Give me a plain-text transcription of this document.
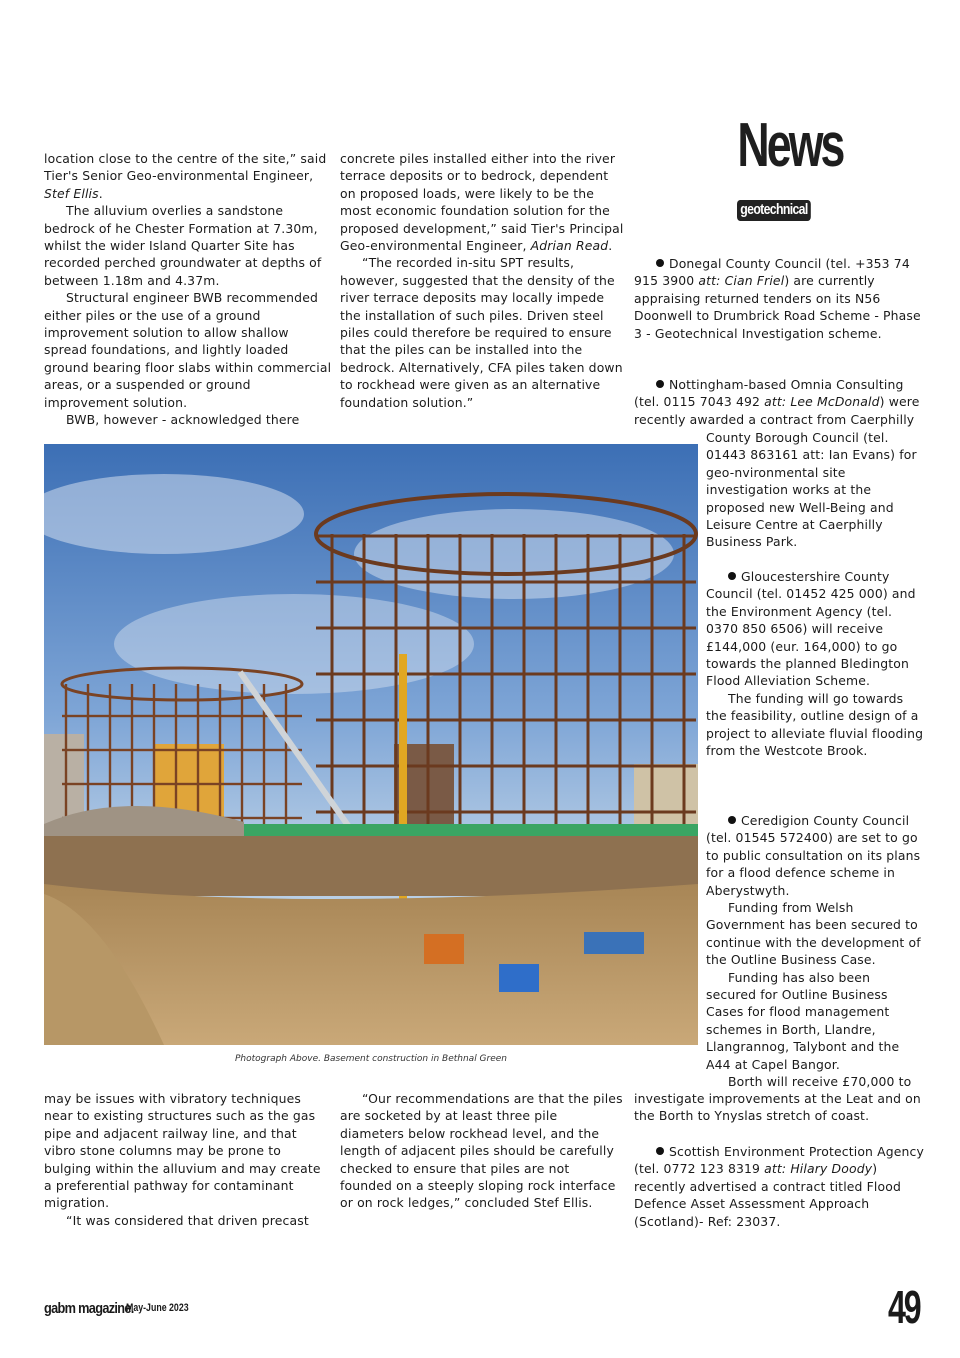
News
geotechnical

location close to the centre of the site,” said Tier's Senior Geo-environmental Engineer, Stef Ellis.

The alluvium overlies a sandstone bedrock of he Chester Formation at 7.30m, whilst the wider Island Quarter Site has recorded perched groundwater at depths of between 1.18m and 4.37m.

Structural engineer BWB recommended either piles or the use of a ground improvement solution to allow shallow spread foundations, and lightly loaded ground bearing floor slabs within commercial areas, or a suspended or ground improvement solution.

BWB, however - acknowledged there

concrete piles installed either into the river terrace deposits or to bedrock, dependent on proposed loads, were likely to be the most economic foundation solution for the proposed development,” said Tier's Principal Geo-environmental Engineer, Adrian Read.

“The recorded in-situ SPT results, however, suggested that the density of the river terrace deposits may locally impede the installation of such piles. Driven steel piles could therefore be required to ensure that the piles can be installed into the bedrock. Alternatively, CFA piles taken down to rockhead were given as an alternative foundation solution.”

Photograph Above. Basement construction in Bethnal Green

Donegal County Council (tel. +353 74 915 3900 att: Cian Friel) are currently appraising returned tenders on its N56 Doonwell to Drumbrick Road Scheme - Phase 3 - Geotechnical Investigation scheme.

Nottingham-based Omnia Consulting (tel. 0115 7043 492 att: Lee McDonald) were recently awarded a contract from Caerphilly

County Borough Council (tel. 01443 863161 att: Ian Evans) for geo-nvironmental site investigation works at the proposed new Well-Being and Leisure Centre at Caerphilly Business Park.

Gloucestershire County Council (tel. 01452 425 000) and the Environment Agency (tel. 0370 850 6506) will receive £144,000 (eur. 164,000) to go towards the planned Bledington Flood Alleviation Scheme.

The funding will go towards the feasibility, outline design of a project to alleviate fluvial flooding from the Westcote Brook.

Ceredigion County Council (tel. 01545 572400) are set to go to public consultation on its plans for a flood defence scheme in Aberystwyth.

Funding from Welsh Government has been secured to continue with the development of the Outline Business Case.

Funding has also been secured for Outline Business Cases for flood management schemes in Borth, Llandre, Llangrannog, Talybont and the A44 at Capel Bangor.

Borth will receive £70,000 to

investigate improvements at the Leat and on the Borth to Ynyslas stretch of coast.

Scottish Environment Protection Agency (tel. 0772 123 8319 att: Hilary Doody) recently advertised a contract titled Flood Defence Asset Assessment Approach (Scotland)- Ref: 23037.

may be issues with vibratory techniques near to existing structures such as the gas pipe and adjacent railway line, and that vibro stone columns may be prone to bulging within the alluvium and may create a preferential pathway for contaminant migration.

“It was considered that driven precast

“Our recommendations are that the piles are socketed by at least three pile diameters below rockhead level, and the length of adjacent piles should be carefully checked to ensure that piles are not founded on a steeply sloping rock interface or on rock ledges,” concluded Stef Ellis.

gabm magazine.
May-June 2023	49
